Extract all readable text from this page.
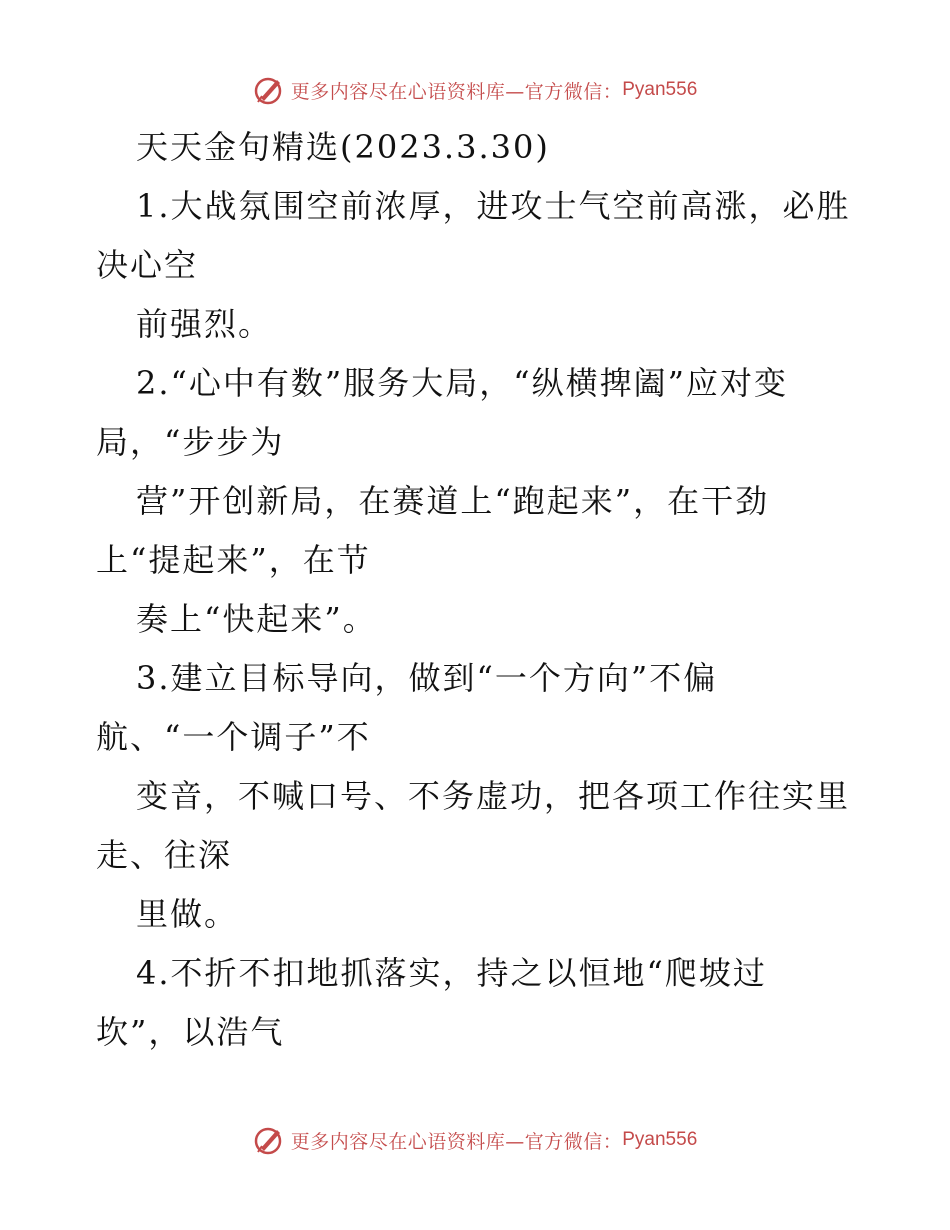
更多内容尽在心语资料库—官方微信： Pyan556
天天金句精选(2023.3.30)
1.大战氛围空前浓厚，进攻士气空前高涨，必胜
决心空
前强烈。
2.“心中有数”服务大局，“纵横捭阖”应对变
局，“步步为
营”开创新局，在赛道上“跑起来”，在干劲
上“提起来”，在节
奏上“快起来”。
3.建立目标导向，做到“一个方向”不偏
航、“一个调子”不
变音，不喊口号、不务虚功，把各项工作往实里
走、往深
里做。
4.不折不扣地抓落实，持之以恒地“爬坡过
坎”，以浩气
更多内容尽在心语资料库—官方微信： Pyan556
